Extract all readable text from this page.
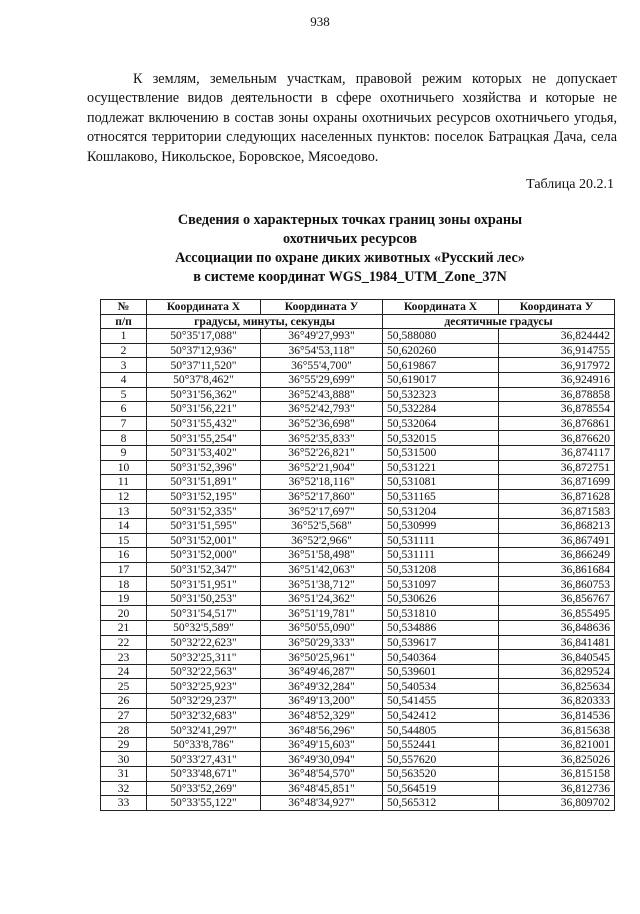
938
К землям, земельным участкам, правовой режим которых не допускает осуществление видов деятельности в сфере охотничьего хозяйства и которые не подлежат включению в состав зоны охраны охотничьих ресурсов охотничьего угодья, относятся территории следующих населенных пунктов: поселок Батрацкая Дача, села Кошлаково, Никольское, Боровское, Мясоедово.
Таблица 20.2.1
Сведения о характерных точках границ зоны охраны
охотничьих ресурсов
Ассоциации по охране диких животных «Русский лес»
в системе координат WGS_1984_UTM_Zone_37N
№	Координата X	Координата У	Координата X	Координата У
п/п	градусы, минуты, секунды		десятичные градусы	
1	50°35'17,088"	36°49'27,993"	50,588080	36,824442
2	50°37'12,936"	36°54'53,118"	50,620260	36,914755
3	50°37'11,520"	36°55'4,700"	50,619867	36,917972
4	50°37'8,462"	36°55'29,699"	50,619017	36,924916
5	50°31'56,362"	36°52'43,888"	50,532323	36,878858
6	50°31'56,221"	36°52'42,793"	50,532284	36,878554
7	50°31'55,432"	36°52'36,698"	50,532064	36,876861
8	50°31'55,254"	36°52'35,833"	50,532015	36,876620
9	50°31'53,402"	36°52'26,821"	50,531500	36,874117
10	50°31'52,396"	36°52'21,904"	50,531221	36,872751
11	50°31'51,891"	36°52'18,116"	50,531081	36,871699
12	50°31'52,195"	36°52'17,860"	50,531165	36,871628
13	50°31'52,335"	36°52'17,697"	50,531204	36,871583
14	50°31'51,595"	36°52'5,568"	50,530999	36,868213
15	50°31'52,001"	36°52'2,966"	50,531111	36,867491
16	50°31'52,000"	36°51'58,498"	50,531111	36,866249
17	50°31'52,347"	36°51'42,063"	50,531208	36,861684
18	50°31'51,951"	36°51'38,712"	50,531097	36,860753
19	50°31'50,253"	36°51'24,362"	50,530626	36,856767
20	50°31'54,517"	36°51'19,781"	50,531810	36,855495
21	50°32'5,589"	36°50'55,090"	50,534886	36,848636
22	50°32'22,623"	36°50'29,333"	50,539617	36,841481
23	50°32'25,311"	36°50'25,961"	50,540364	36,840545
24	50°32'22,563"	36°49'46,287"	50,539601	36,829524
25	50°32'25,923"	36°49'32,284"	50,540534	36,825634
26	50°32'29,237"	36°49'13,200"	50,541455	36,820333
27	50°32'32,683"	36°48'52,329"	50,542412	36,814536
28	50°32'41,297"	36°48'56,296"	50,544805	36,815638
29	50°33'8,786"	36°49'15,603"	50,552441	36,821001
30	50°33'27,431"	36°49'30,094"	50,557620	36,825026
31	50°33'48,671"	36°48'54,570"	50,563520	36,815158
32	50°33'52,269"	36°48'45,851"	50,564519	36,812736
33	50°33'55,122"	36°48'34,927"	50,565312	36,809702
